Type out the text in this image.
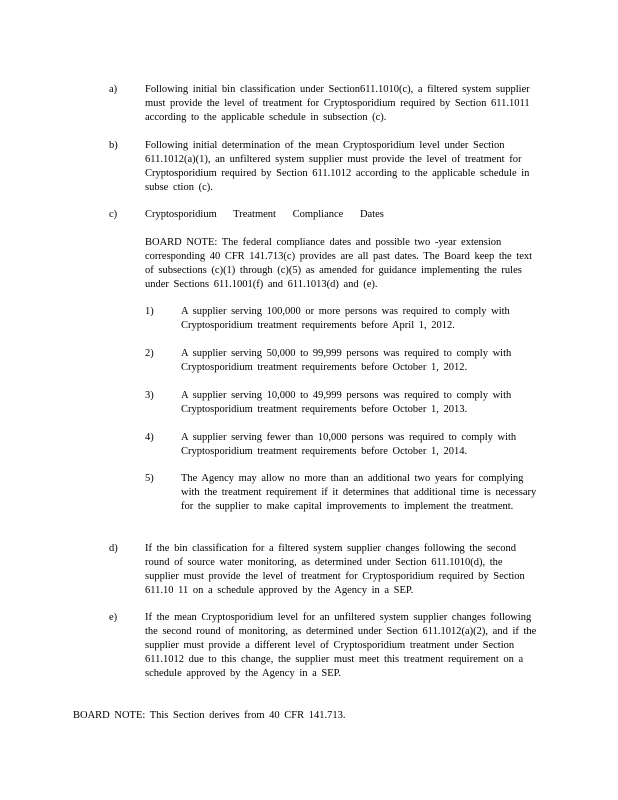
a)	Following initial bin classification under Section611.1010(c), a filtered system supplier must provide the level of treatment for Cryptosporidium required by Section 611.1011 according to the applicable schedule in subsection (c).
b)	Following initial determination of the mean Cryptosporidium level under Section 611.1012(a)(1), an unfiltered system supplier must provide the level of treatment for Cryptosporidium required by Section 611.1012 according to the applicable schedule in subse ction (c).
c)	Cryptosporidium Treatment Compliance Dates
BOARD NOTE: The federal compliance dates and possible two -year extension corresponding 40 CFR 141.713(c) provides are all past dates. The Board keep the text of subsections (c)(1) through (c)(5) as amended for guidance implementing the rules under Sections 611.1001(f) and 611.1013(d) and (e).
1)	A supplier serving 100,000 or more persons was required to comply with Cryptosporidium treatment requirements before April 1, 2012.
2)	A supplier serving 50,000 to 99,999 persons was required to comply with Cryptosporidium treatment requirements before October 1, 2012.
3)	A supplier serving 10,000 to 49,999 persons was required to comply with Cryptosporidium treatment requirements before October 1, 2013.
4)	A supplier serving fewer than 10,000 persons was required to comply with Cryptosporidium treatment requirements before October 1, 2014.
5)	The Agency may allow no more than an additional two years for complying with the treatment requirement if it determines that additional time is necessary for the supplier to make capital improvements to implement the treatment.
d)	If the bin classification for a filtered system supplier changes following the second round of source water monitoring, as determined under Section 611.1010(d), the supplier must provide the level of treatment for Cryptosporidium required by Section 611.10 11 on a schedule approved by the Agency in a SEP.
e)	If the mean Cryptosporidium level for an unfiltered system supplier changes following the second round of monitoring, as determined under Section 611.1012(a)(2), and if the supplier must provide a different level of Cryptosporidium treatment under Section 611.1012 due to this change, the supplier must meet this treatment requirement on a schedule approved by the Agency in a SEP.
BOARD NOTE: This Section derives from 40 CFR 141.713.
